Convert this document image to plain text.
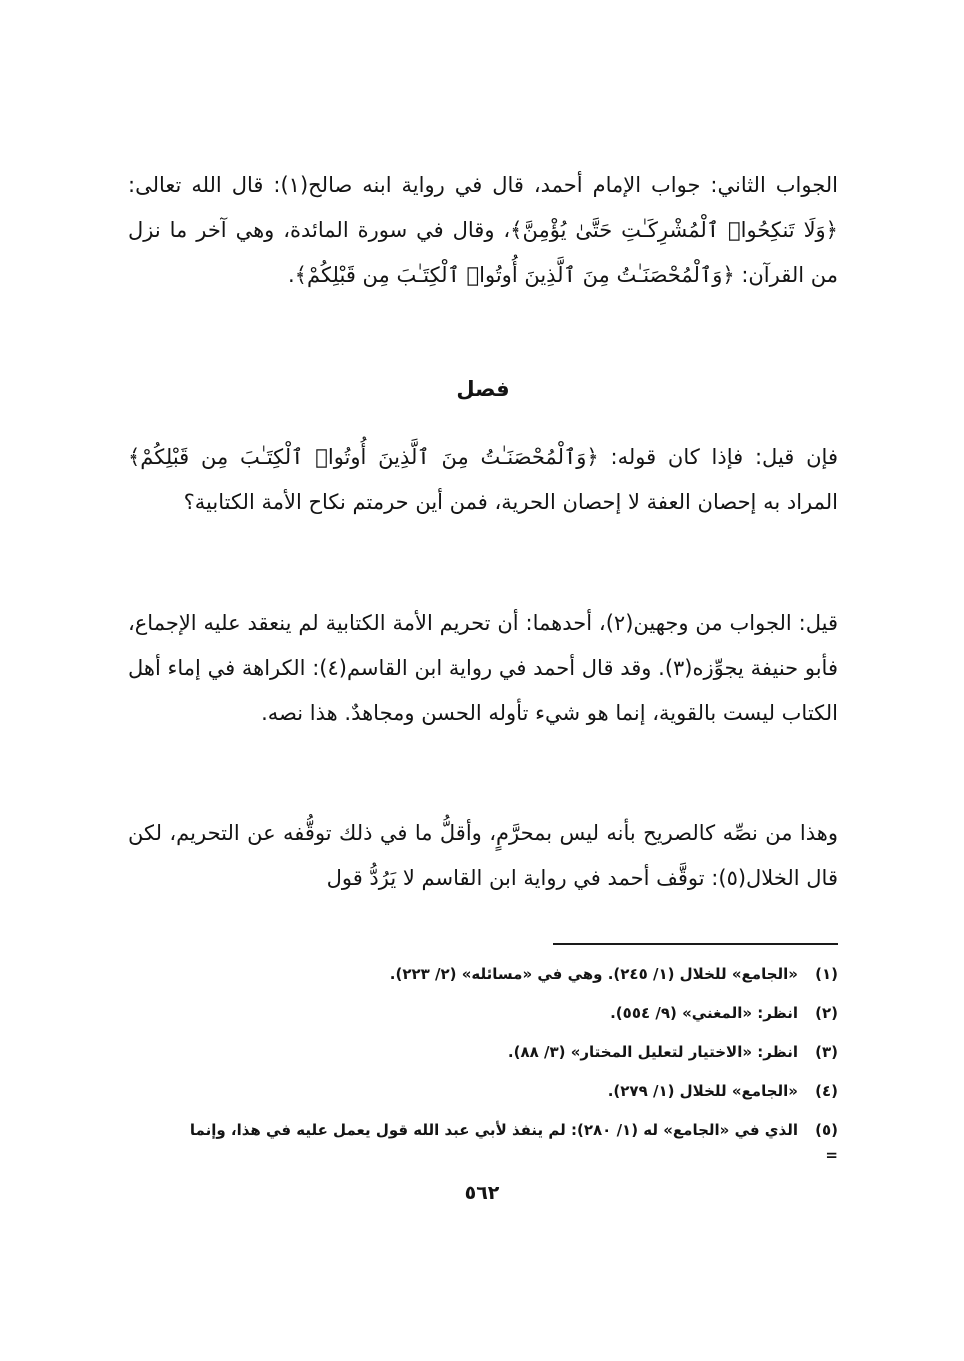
الجواب الثاني: جواب الإمام أحمد، قال في رواية ابنه صالح(١): قال الله تعالى: ﴿وَلَا تَنكِحُوا۟ ٱلْمُشْرِكَـٰتِ حَتَّىٰ يُؤْمِنَّ﴾، وقال في سورة المائدة، وهي آخر ما نزل من القرآن: ﴿وَٱلْمُحْصَنَـٰتُ مِنَ ٱلَّذِينَ أُوتُوا۟ ٱلْكِتَـٰبَ مِن قَبْلِكُمْ﴾.

فصل

فإن قيل: فإذا كان قوله: ﴿وَٱلْمُحْصَنَـٰتُ مِنَ ٱلَّذِينَ أُوتُوا۟ ٱلْكِتَـٰبَ مِن قَبْلِكُمْ﴾ المراد به إحصان العفة لا إحصان الحرية، فمن أين حرمتم نكاح الأمة الكتابية؟

قيل: الجواب من وجهين(٢)، أحدهما: أن تحريم الأمة الكتابية لم ينعقد عليه الإجماع، فأبو حنيفة يجوِّزه(٣). وقد قال أحمد في رواية ابن القاسم(٤): الكراهة في إماء أهل الكتاب ليست بالقوية، إنما هو شيء تأوله الحسن ومجاهدٌ. هذا نصه.

وهذا من نصِّه كالصريح بأنه ليس بمحرَّمٍ، وأقلُّ ما في ذلك توقُّفه عن التحريم، لكن قال الخلال(٥): توقَّف أحمد في رواية ابن القاسم لا يَرُدُّ قول

(١)
«الجامع» للخلال (١/ ٢٤٥). وهي في «مسائله» (٢/ ٢٢٣).
(٢)
انظر: «المغني» (٩/ ٥٥٤).
(٣)
انظر: «الاختيار لتعليل المختار» (٣/ ٨٨).
(٤)
«الجامع» للخلال (١/ ٢٧٩).
(٥)
الذي في «الجامع» له (١/ ٢٨٠): لم ينفذ لأبي عبد الله قول يعمل عليه في هذا، وإنما
=
٥٦٢
